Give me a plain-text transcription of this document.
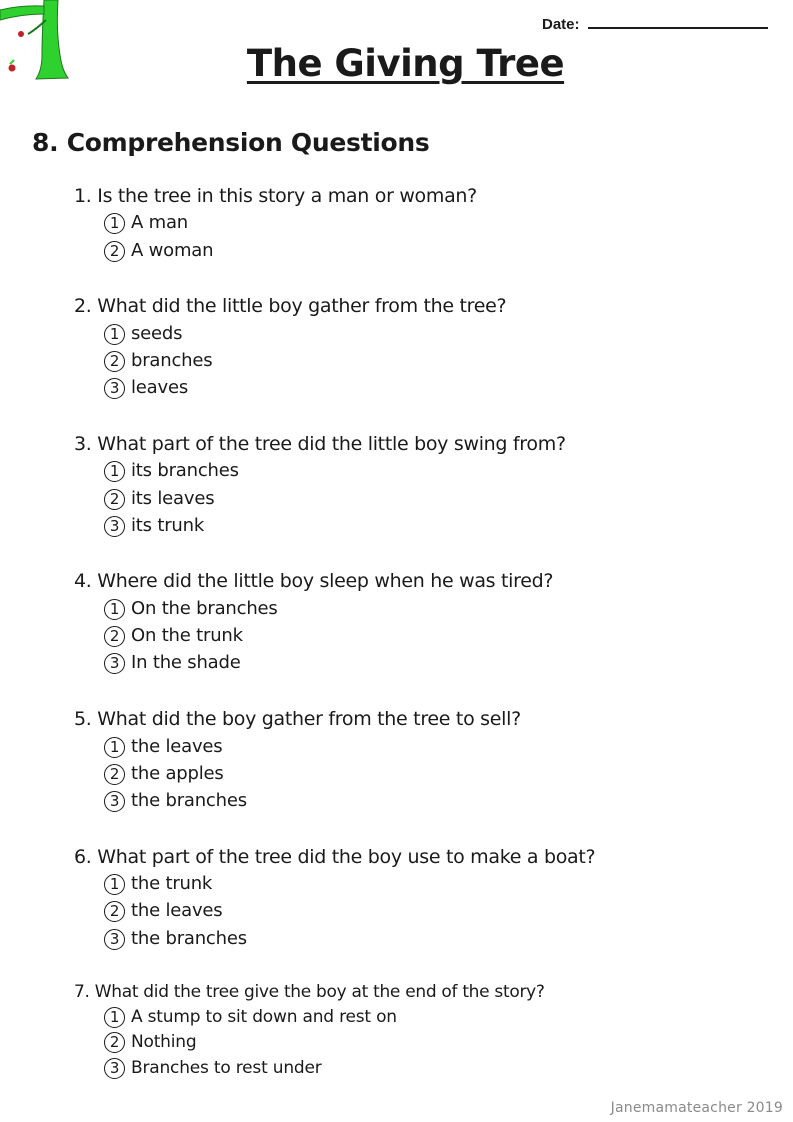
Date:
The Giving Tree
8. Comprehension Questions
1. Is the tree in this story a man or woman?
1 A man
2 A woman
2. What did the little boy gather from the tree?
1 seeds
2 branches
3 leaves
3. What part of the tree did the little boy swing from?
1 its branches
2 its leaves
3 its trunk
4. Where did the little boy sleep when he was tired?
1 On the branches
2 On the trunk
3 In the shade
5. What did the boy gather from the tree to sell?
1 the leaves
2 the apples
3 the branches
6. What part of the tree did the boy use to make a boat?
1 the trunk
2 the leaves
3 the branches
7. What did the tree give the boy at the end of the story?
1 A stump to sit down and rest on
2 Nothing
3 Branches to rest under
Janemamateacher 2019
